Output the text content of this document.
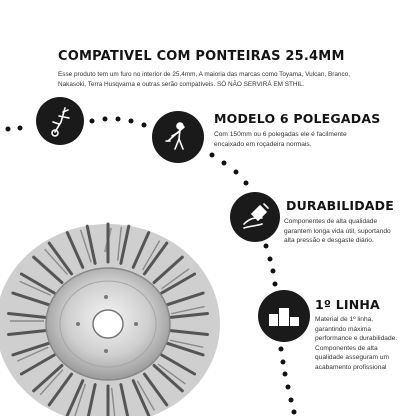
COMPATIVEL COM PONTEIRAS 25.4MM
Esse produto tem um furo no interior de 25.4mm, A maioria das marcas como Toyama, Vulcan, Branco,
Nakasoki, Terra Husqvarna e outras serão compatíveis. SÓ NÃO SERVIRÁ EM STHIL.
MODELO 6 POLEGADAS
Com 150mm ou 6 polegadas ele é facilmente
encaixado em roçadeira normais.
DURABILIDADE
Componentes de alta qualidade
garantem longa vida útil, suportando
alta pressão e desgaste diário.
1º LINHA
Material de 1º linha,
garantindo máxima
performance e durabilidade.
Componentes de alta
qualidade asseguram um
acabamento profissional
